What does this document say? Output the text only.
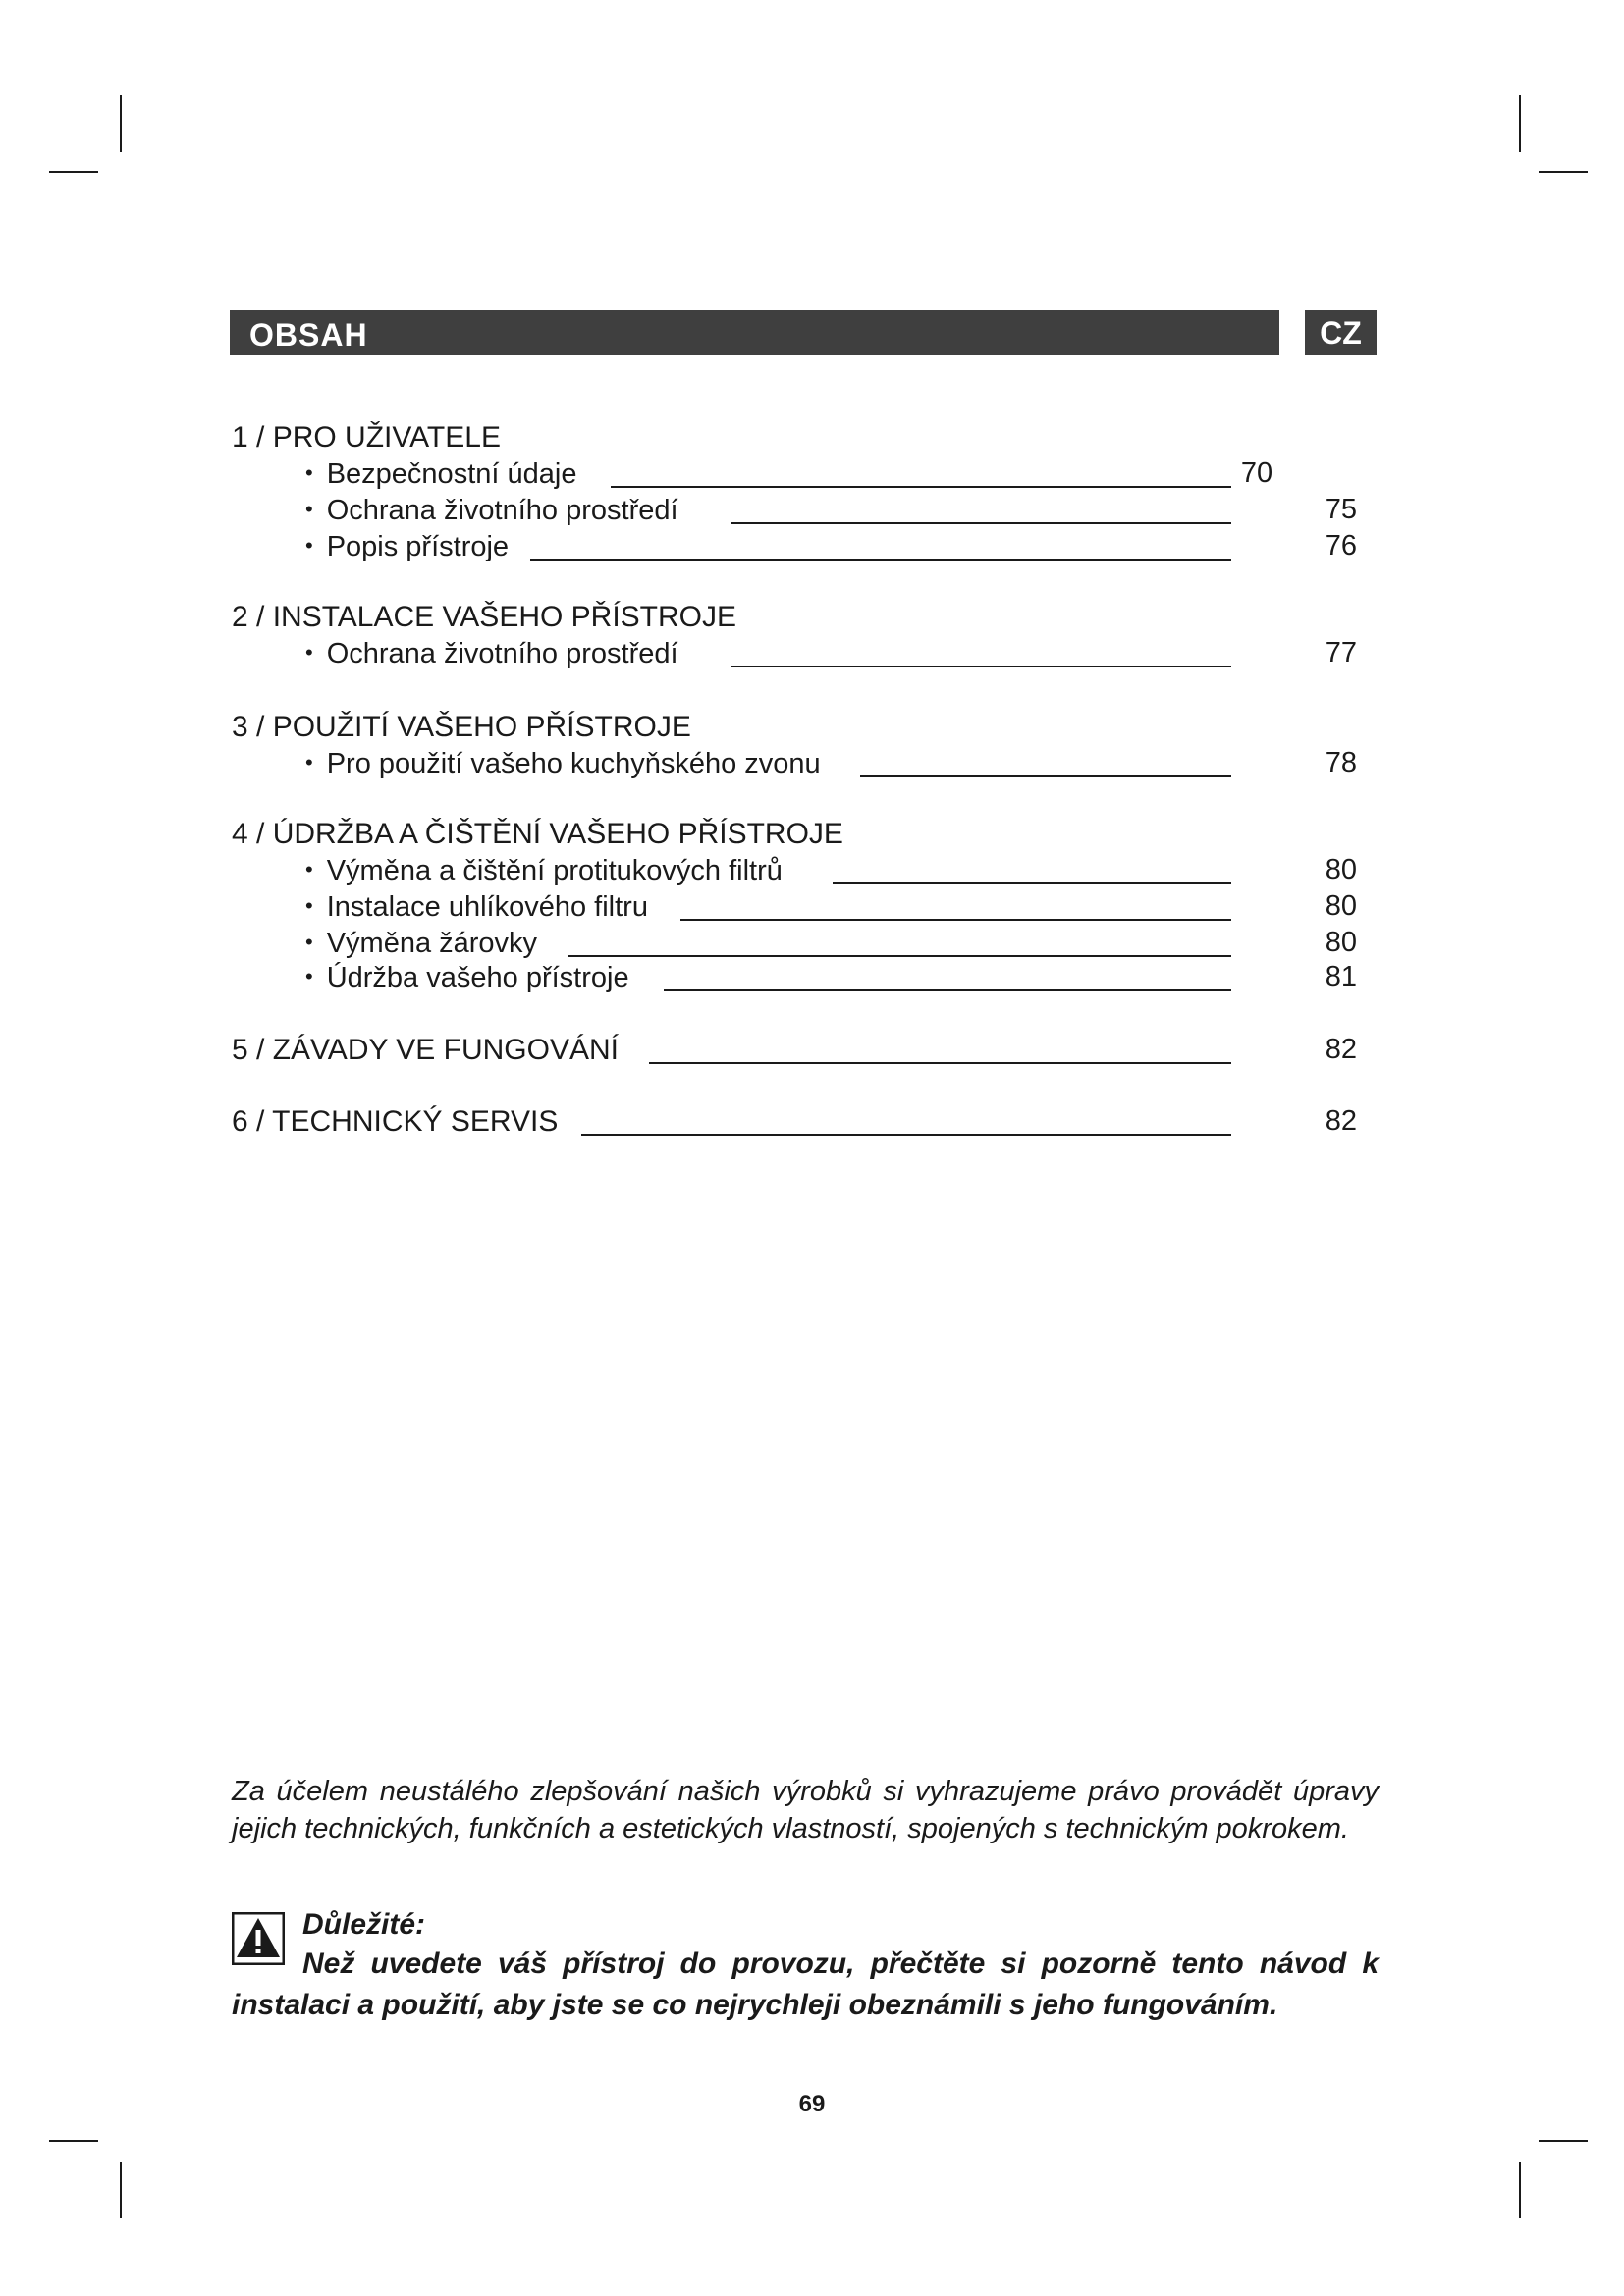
OBSAH	CZ
1 / PRO UŽIVATELE
• Bezpečnostní údaje	70
• Ochrana životního prostředí	75
• Popis přístroje	76
2 / INSTALACE VAŠEHO PŘÍSTROJE
• Ochrana životního prostředí	77
3 / POUŽITÍ VAŠEHO PŘÍSTROJE
• Pro použití vašeho kuchyňského zvonu	78
4 / ÚDRŽBA A ČIŠTĚNÍ VAŠEHO PŘÍSTROJE
• Výměna a čištění protitukových filtrů	80
• Instalace uhlíkového filtru	80
• Výměna žárovky	80
• Údržba vašeho přístroje	81
5 / ZÁVADY VE FUNGOVÁNÍ	82
6 / TECHNICKÝ SERVIS	82
Za účelem neustálého zlepšování našich výrobků si vyhrazujeme právo provádět úpravy jejich technických, funkčních a estetických vlastností, spojených s technickým pokrokem.
Důležité:
Než uvedete váš přístroj do provozu, přečtěte si pozorně tento návod k instalaci a použití, aby jste se co nejrychleji obeznámili s jeho fungováním.
69
